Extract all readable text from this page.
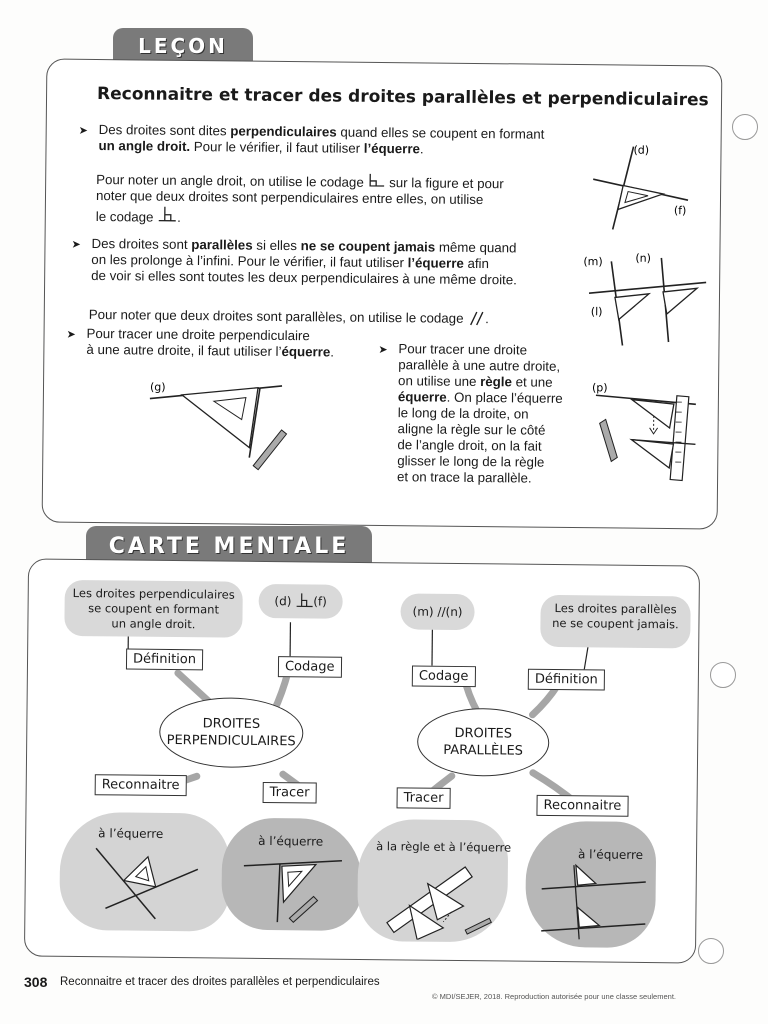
LEÇON
Reconnaitre et tracer des droites parallèles et perpendiculaires
➤ Des droites sont dites perpendiculaires quand elles se coupent en formant
un angle droit. Pour le vérifier, il faut utiliser l’équerre.
Pour noter un angle droit, on utilise le codage sur la figure et pour
noter que deux droites sont perpendiculaires entre elles, on utilise
le codage .
(d)
(f)
➤ Des droites sont parallèles si elles ne se coupent jamais même quand
on les prolonge à l’infini. Pour le vérifier, il faut utiliser l’équerre afin
de voir si elles sont toutes les deux perpendiculaires à une même droite.
Pour noter que deux droites sont parallèles, on utilise le codage .
(m)	(n)
(l)
➤ Pour tracer une droite perpendiculaire
à une autre droite, il faut utiliser l’équerre.
(g)
➤ Pour tracer une droite
parallèle à une autre droite,
on utilise une règle et une
équerre. On place l’équerre
le long de la droite, on
aligne la règle sur le côté
de l’angle droit, on la fait
glisser le long de la règle
et on trace la parallèle.
(p)
CARTE MENTALE
Les droites perpendiculaires
se coupent en formant
un angle droit.
(d) (f)
(m) //(n)	Les droites parallèles
ne se coupent jamais.
Définition	Codage
Codage	Définition
DROITES
PERPENDICULAIRES	DROITES
PARALLÈLES
Reconnaitre	Tracer	Tracer	Reconnaitre
à l’équerre
à l’équerre	à la règle et à l’équerre
à l’équerre
308 Reconnaitre et tracer des droites parallèles et perpendiculaires
© MDI/SEJER, 2018. Reproduction autorisée pour une classe seulement.
